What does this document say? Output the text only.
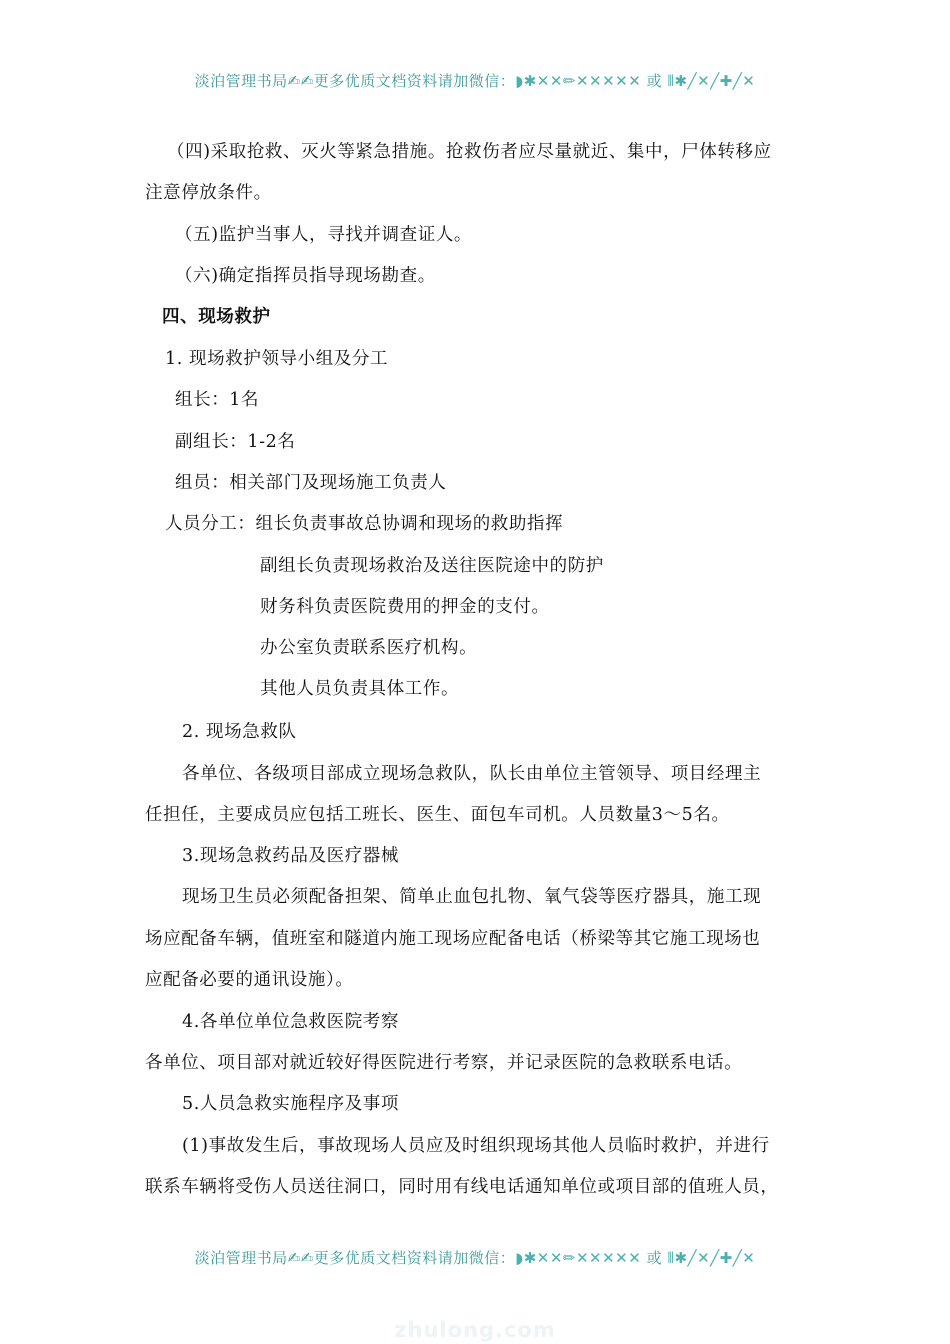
淡泊管理书局✍✍更多优质文档资料请加微信：◗✱✕✕✏✕✕✕✕✕ 或 ⦀✱╱✕╱✚╱✕
（四)采取抢救、灭火等紧急措施。抢救伤者应尽量就近、集中，尸体转移应
注意停放条件。
（五)监护当事人，寻找并调查证人。
（六)确定指挥员指导现场勘查。
四、现场救护
1. 现场救护领导小组及分工
组长：1名
副组长：1-2名
组员：相关部门及现场施工负责人
人员分工：组长负责事故总协调和现场的救助指挥
副组长负责现场救治及送往医院途中的防护
财务科负责医院费用的押金的支付。
办公室负责联系医疗机构。
其他人员负责具体工作。
2. 现场急救队
各单位、各级项目部成立现场急救队，队长由单位主管领导、项目经理主
任担任，主要成员应包括工班长、医生、面包车司机。人员数量3～5名。
3.现场急救药品及医疗器械
现场卫生员必须配备担架、简单止血包扎物、氧气袋等医疗器具，施工现
场应配备车辆，值班室和隧道内施工现场应配备电话（桥梁等其它施工现场也
应配备必要的通讯设施）。
4.各单位单位急救医院考察
各单位、项目部对就近较好得医院进行考察，并记录医院的急救联系电话。
5.人员急救实施程序及事项
(1)事故发生后，事故现场人员应及时组织现场其他人员临时救护，并进行
联系车辆将受伤人员送往洞口，同时用有线电话通知单位或项目部的值班人员，
淡泊管理书局✍✍更多优质文档资料请加微信：◗✱✕✕✏✕✕✕✕✕ 或 ⦀✱╱✕╱✚╱✕
zhulong.com
